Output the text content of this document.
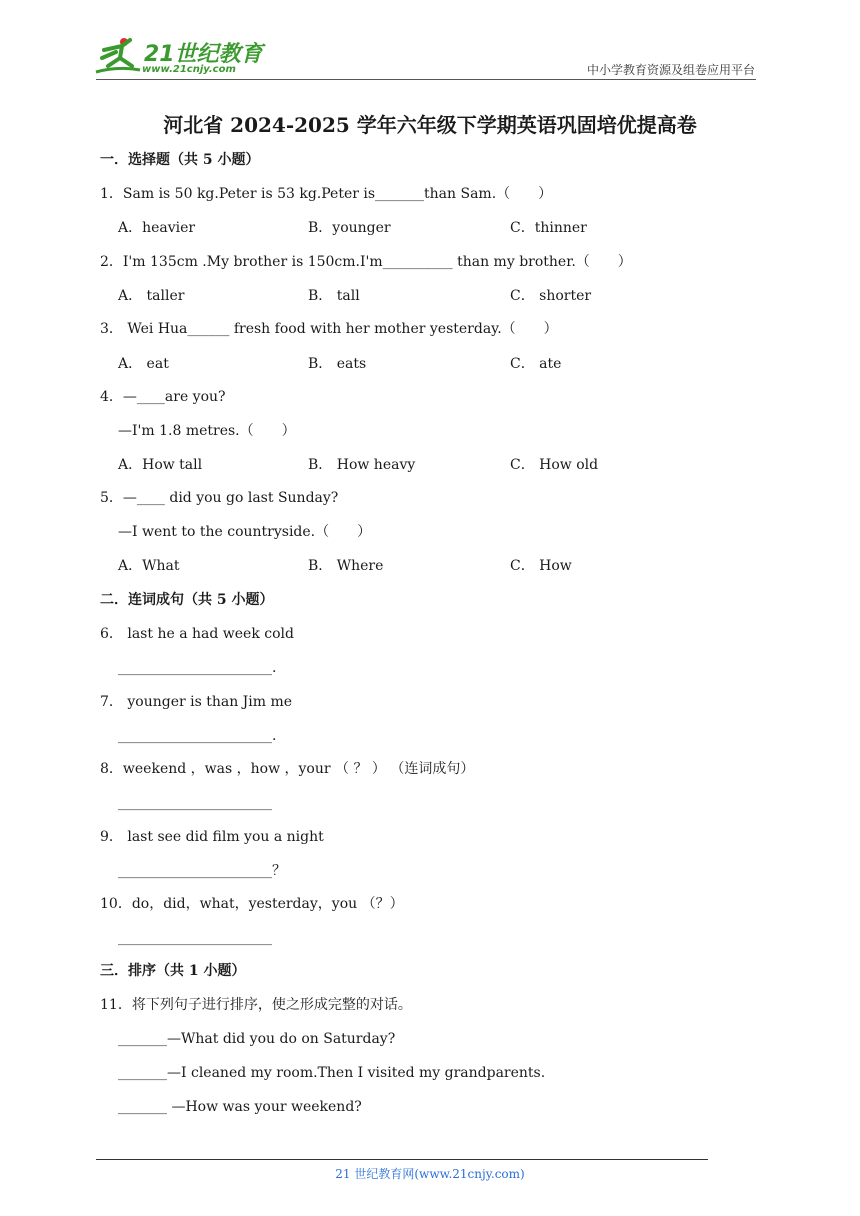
21世纪教育
www.21cnjy.com	中小学教育资源及组卷应用平台
河北省 2024-2025 学年六年级下学期英语巩固培优提高卷
一．选择题（共 5 小题）
1．Sam is 50 kg.Peter is 53 kg.Peter is_______than Sam.（　　）
A．heavier	B．younger	C．thinner
2．I'm 135cm .My brother is 150cm.I'm__________ than my brother.（　　）
A． taller	B． tall	C． shorter
3． Wei Hua______ fresh food with her mother yesterday.（　　）
A． eat	B． eats	C． ate
4．—____are you?
—I'm 1.8 metres.（　　）
A．How tall	B． How heavy	C． How old
5．—____ did you go last Sunday?
—I went to the countryside.（　　）
A．What	B． Where	C． How
二．连词成句（共 5 小题）
6． last he a had week cold
______________________.
7． younger is than Jim me
______________________.
8．weekend ，was ，how ，your （ ？ ） （连词成句）
______________________
9． last see did film you a night
______________________？
10．do，did，what，yesterday，you （？）
______________________
三．排序（共 1 小题）
11．将下列句子进行排序，使之形成完整的对话。
_______—What did you do on Saturday?
_______—I cleaned my room.Then I visited my grandparents.
_______ —How was your weekend?
21 世纪教育网(www.21cnjy.com)
